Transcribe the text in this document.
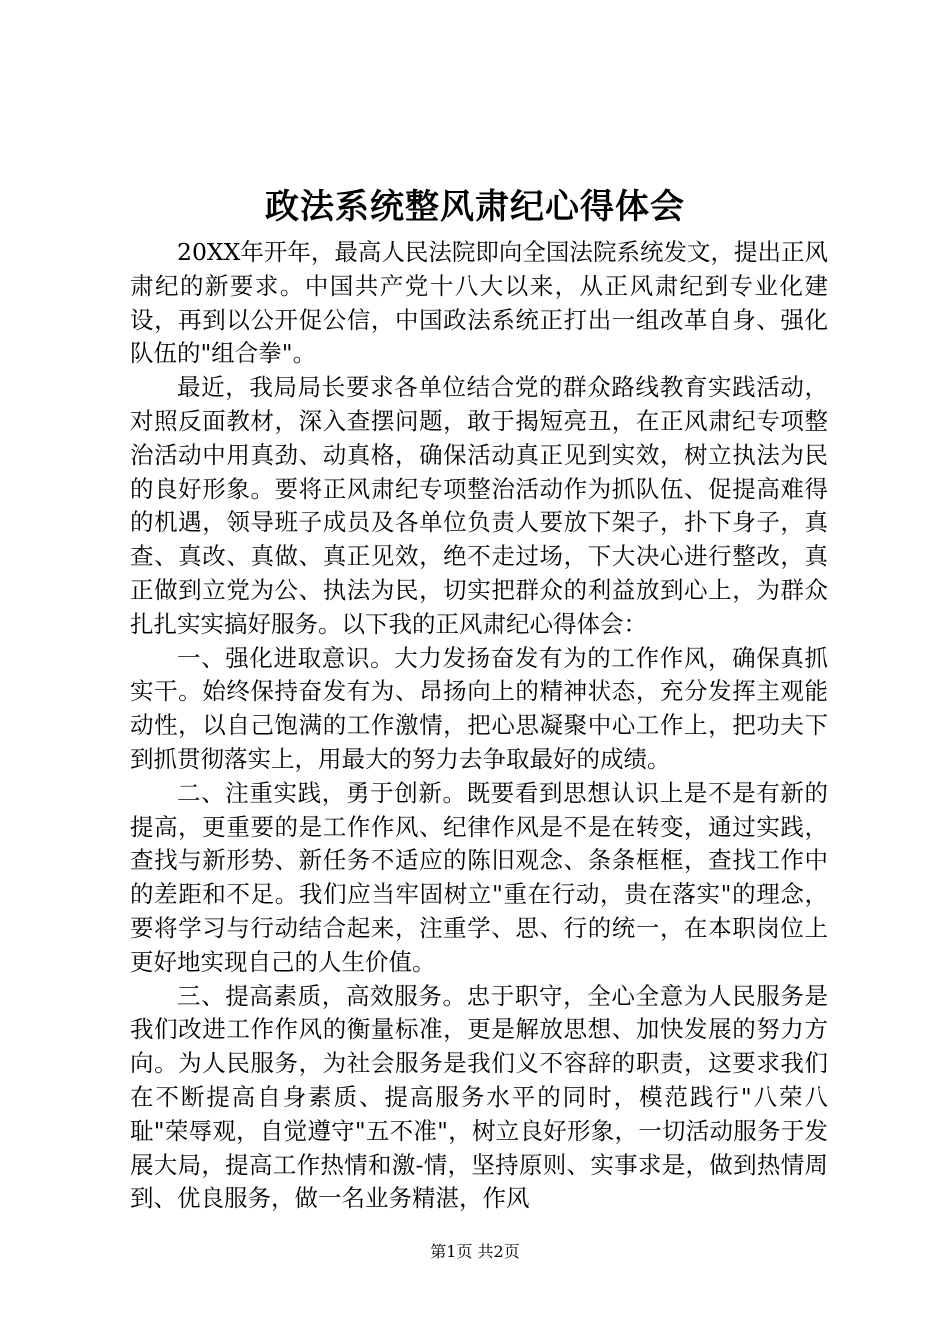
政法系统整风肃纪心得体会

20XX年开年，最高人民法院即向全国法院系统发文，提出正风肃纪的新要求。中国共产党十八大以来，从正风肃纪到专业化建设，再到以公开促公信，中国政法系统正打出一组改革自身、强化队伍的"组合拳"。

最近，我局局长要求各单位结合党的群众路线教育实践活动，对照反面教材，深入查摆问题，敢于揭短亮丑，在正风肃纪专项整治活动中用真劲、动真格，确保活动真正见到实效，树立执法为民的良好形象。要将正风肃纪专项整治活动作为抓队伍、促提高难得的机遇，领导班子成员及各单位负责人要放下架子，扑下身子，真查、真改、真做、真正见效，绝不走过场，下大决心进行整改，真正做到立党为公、执法为民，切实把群众的利益放到心上，为群众扎扎实实搞好服务。以下我的正风肃纪心得体会：

一、强化进取意识。大力发扬奋发有为的工作作风，确保真抓实干。始终保持奋发有为、昂扬向上的精神状态，充分发挥主观能动性，以自己饱满的工作激情，把心思凝聚中心工作上，把功夫下到抓贯彻落实上，用最大的努力去争取最好的成绩。

二、注重实践，勇于创新。既要看到思想认识上是不是有新的提高，更重要的是工作作风、纪律作风是不是在转变，通过实践，查找与新形势、新任务不适应的陈旧观念、条条框框，查找工作中的差距和不足。我们应当牢固树立"重在行动，贵在落实"的理念，要将学习与行动结合起来，注重学、思、行的统一，在本职岗位上更好地实现自己的人生价值。

三、提高素质，高效服务。忠于职守，全心全意为人民服务是我们改进工作作风的衡量标准，更是解放思想、加快发展的努力方向。为人民服务，为社会服务是我们义不容辞的职责，这要求我们在不断提高自身素质、提高服务水平的同时，模范践行"八荣八耻"荣辱观，自觉遵守"五不准"，树立良好形象，一切活动服务于发展大局，提高工作热情和激-情，坚持原则、实事求是，做到热情周到、优良服务，做一名业务精湛，作风

第1页 共2页
